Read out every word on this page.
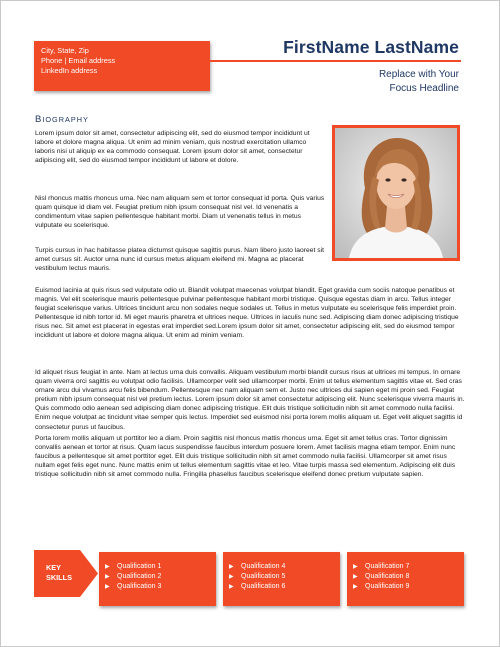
City, State, Zip
Phone | Email address
LinkedIn address
FirstName LastName
Replace with Your
Focus Headline
BIOGRAPHY

Lorem ipsum dolor sit amet, consectetur adipiscing elit, sed do eiusmod tempor incididunt ut labore et dolore magna aliqua. Ut enim ad minim veniam, quis nostrud exercitation ullamco laboris nisi ut aliquip ex ea commodo consequat. Lorem ipsum dolor sit amet, consectetur adipiscing elit, sed do eiusmod tempor incididunt ut labore et dolore.

Nisl rhoncus mattis rhoncus urna. Nec nam aliquam sem et tortor consequat id porta. Quis varius quam quisque id diam vel. Feugiat pretium nibh ipsum consequat nisl vel. Id venenatis a condimentum vitae sapien pellentesque habitant morbi. Diam ut venenatis tellus in metus vulputate eu scelerisque.

Turpis cursus in hac habitasse platea dictumst quisque sagittis purus. Nam libero justo laoreet sit amet cursus sit. Auctor urna nunc id cursus metus aliquam eleifend mi. Magna ac placerat vestibulum lectus mauris.

Euismod lacinia at quis risus sed vulputate odio ut. Blandit volutpat maecenas volutpat blandit. Eget gravida cum sociis natoque penatibus et magnis. Vel elit scelerisque mauris pellentesque pulvinar pellentesque habitant morbi tristique. Quisque egestas diam in arcu. Tellus integer feugiat scelerisque varius. Ultrices tincidunt arcu non sodales neque sodales ut. Tellus in metus vulputate eu scelerisque felis imperdiet proin. Pellentesque id nibh tortor id. Mi eget mauris pharetra et ultrices neque. Ultrices in iaculis nunc sed. Adipiscing diam donec adipiscing tristique risus nec. Sit amet est placerat in egestas erat imperdiet sed.Lorem ipsum dolor sit amet, consectetur adipiscing elit, sed do eiusmod tempor incididunt ut labore et dolore magna aliqua. Ut enim ad minim veniam.

Id aliquet risus feugiat in ante. Nam at lectus urna duis convallis. Aliquam vestibulum morbi blandit cursus risus at ultrices mi tempus. In ornare quam viverra orci sagittis eu volutpat odio facilisis. Ullamcorper velit sed ullamcorper morbi. Enim ut tellus elementum sagittis vitae et. Sed cras ornare arcu dui vivamus arcu felis bibendum. Pellentesque nec nam aliquam sem et. Justo nec ultrices dui sapien eget mi proin sed. Feugiat pretium nibh ipsum consequat nisl vel pretium lectus. Lorem ipsum dolor sit amet consectetur adipiscing elit. Nunc scelerisque viverra mauris in. Quis commodo odio aenean sed adipiscing diam donec adipiscing tristique. Elit duis tristique sollicitudin nibh sit amet commodo nulla facilisi. Enim neque volutpat ac tincidunt vitae semper quis lectus. Imperdiet sed euismod nisi porta lorem mollis aliquam ut. Eget velit aliquet sagittis id consectetur purus ut faucibus.

Porta lorem mollis aliquam ut porttitor leo a diam. Proin sagittis nisl rhoncus mattis rhoncus urna. Eget sit amet tellus cras. Tortor dignissim convallis aenean et tortor at risus. Quam lacus suspendisse faucibus interdum posuere lorem. Amet facilisis magna etiam tempor. Enim nunc faucibus a pellentesque sit amet porttitor eget. Elit duis tristique sollicitudin nibh sit amet commodo nulla facilisi. Ullamcorper sit amet risus nullam eget felis eget nunc. Nunc mattis enim ut tellus elementum sagittis vitae et leo. Vitae turpis massa sed elementum. Adipiscing elit duis tristique sollicitudin nibh sit amet commodo nulla. Fringilla phasellus faucibus scelerisque eleifend donec pretium vulputate sapien.

KEY
SKILLS
▶ Qualification 1
▶ Qualification 2
▶ Qualification 3
▶ Qualification 4
▶ Qualification 5
▶ Qualification 6
▶ Qualification 7
▶ Qualification 8
▶ Qualification 9
